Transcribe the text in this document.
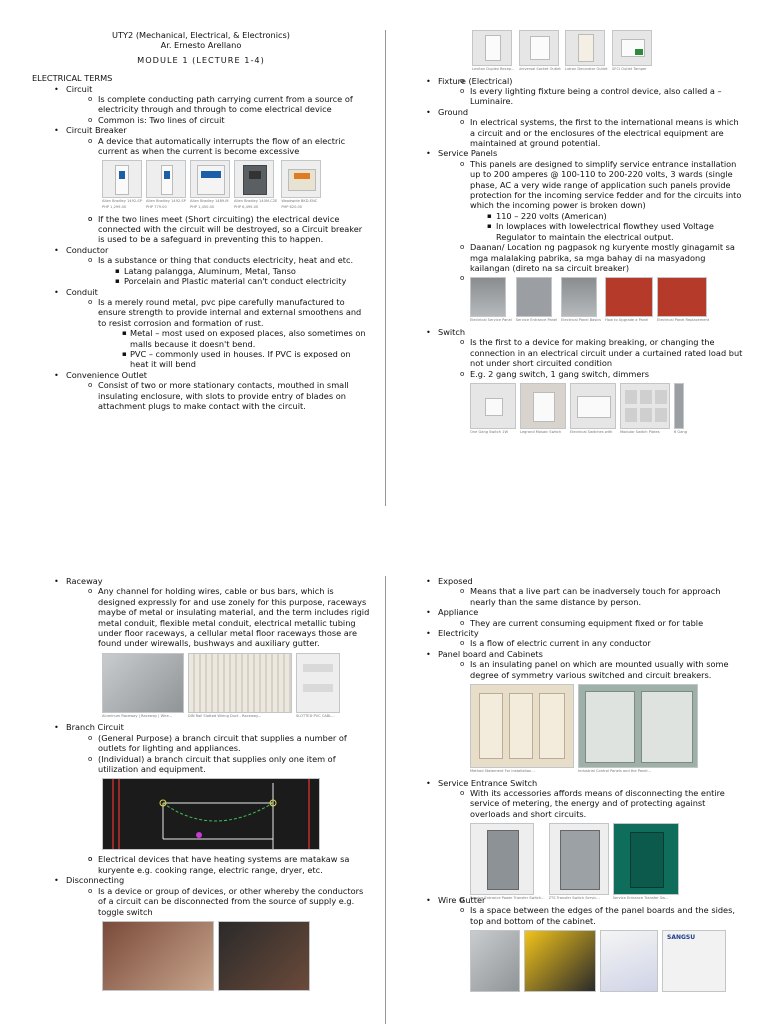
UTY2 (Mechanical, Electrical, & Electronics)
Ar. Ernesto Arellano
MODULE 1 (LECTURE 1-4)
ELECTRICAL TERMS
• Circuit
o Is complete conducting path carrying current from a source of electricity through and through to come electrical device
o Common is: Two lines of circuit
• Circuit Breaker
o A device that automatically interrupts the flow of an electric current as when the current is become excessive
Allen Bradley 1492-SP
PHP 1,299.00
Allen Bradley 1492-SP
PHP 779.00
Allen Bradley 1489-M
PHP 1,450.00
Allen Bradley 140M-C2E
PHP 6,495.00
Woodwide BKD-ENC
PHP 620.00
o If the two lines meet (Short circuiting) the electrical device connected with the circuit will be destroyed, so a Circuit breaker is used to be a safeguard in preventing this to happen.
• Conductor
o Is a substance or thing that conducts electricity, heat and etc.
▪ Latang palangga, Aluminum, Metal, Tanso
▪ Porcelain and Plastic material can't conduct electricity
• Conduit
o Is a merely round metal, pvc pipe carefully manufactured to ensure strength to provide internal and external smoothens and to resist corrosion and formation of rust.
▪ Metal – most used on exposed places, also sometimes on malls because it doesn't bend.
▪ PVC – commonly used in houses. If PVC is exposed on heat it will bend
• Convenience Outlet
o Consist of two or more stationary contacts, mouthed in small insulating enclosure, with slots to provide entry of blades on attachment plugs to make contact with the circuit.
Leviton Duplex Recep... Universal Socket Outlet Lutron Decorator Outlet GFCI Outlet Tamper
• Fixture (Electrical)
o Is every lighting fixture being a control device, also called a – Luminaire.
• Ground
o In electrical systems, the first to the international means is which a circuit and or the enclosures of the electrical equipment are maintained at ground potential.
• Service Panels
o This panels are designed to simplify service entrance installation up to 200 amperes @ 100-110 to 200-220 volts, 3 wards (single phase, AC a very wide range of application such panels provide protection for the incoming service fedder and for the circuits into which the incoming power is broken down)
▪ 110 – 220 volts (American)
▪ In lowplaces with lowelectrical flowthey used Voltage Regulator to maintain the electrical output.
o Daanan/ Location ng pagpasok ng kuryente mostly ginagamit sa mga malalaking pabrika, sa mga bahay di na masyadong kailangan (direto na sa circuit breaker)
Electrical Service Panel Service Entrance Panel Electrical Panel Basics How to Upgrade a Panel	Electrical Panel Replacement
• Switch
o Is the first to a device for making breaking, or changing the connection in an electrical circuit under a curtained rated load but not under short circuited condition
o E.g. 2 gang switch, 1 gang switch, dimmers
One Gang Switch 1W	Legrand Mosaic Switch	Electrical Switches with	Modular Switch Plates	6 Gang
• Raceway
o Any channel for holding wires, cable or bus bars, which is designed expressly for and use zonely for this purpose, raceways maybe of metal or insulating material, and the term includes rigid metal conduit, flexible metal conduit, electrical metallic tubing under floor raceways, a cellular metal floor raceways those are found under wirewalls, bushways and auxiliary gutter.
Aluminum Raceway | Raceway | Wire...	DIN Rail Slotted Wiring Duct - Raceway...	SLOTTED PVC CABL...
• Branch Circuit
o (General Purpose) a branch circuit that supplies a number of outlets for lighting and appliances.
o (Individual) a branch circuit that supplies only one item of utilization and equipment.
o Electrical devices that have heating systems are matakaw sa kuryente e.g. cooking range, electric range, dryer, etc.
• Disconnecting
o Is a device or group of devices, or other whereby the conductors of a circuit can be disconnected from the source of supply e.g. toggle switch
• Exposed
o Means that a live part can be inadversely touch for approach nearly than the same distance by person.
• Appliance
o They are current consuming equipment fixed or for table
• Electricity
o Is a flow of electric current in any conductor
• Panel board and Cabinets
o Is an insulating panel on which are mounted usually with some degree of symmetry various switched and circuit breakers.
Method Statement For Installation...	Industrial Control Panels and the Panel...
• Service Entrance Switch
o With its accessories affords means of disconnecting the entire service of metering, the energy and of protecting against overloads and short circuits.
Service Entrance Power Transfer Switch... ZTS Transfer Switch Servic...	Service Entrance Transfer Sw...
• Wire Gutter
o Is a space between the edges of the panel boards and the sides, top and bottom of the cabinet.
SANGSU
